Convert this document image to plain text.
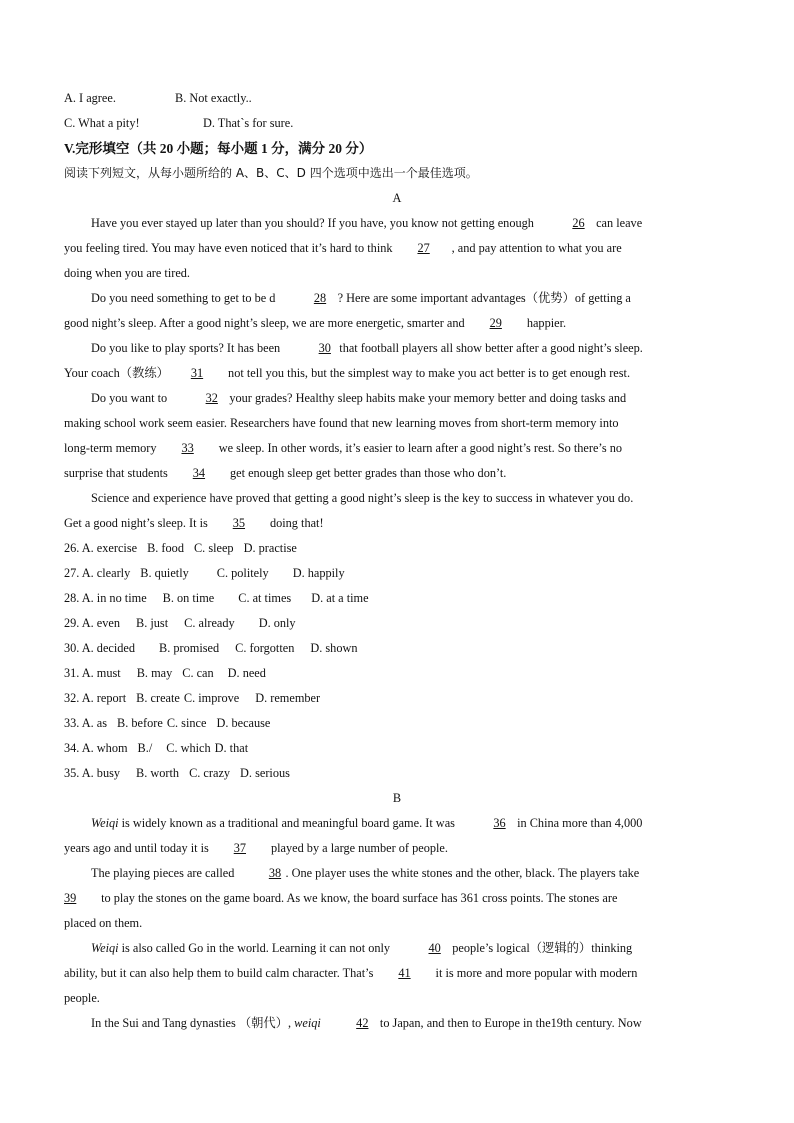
A. I agree.	B. Not exactly..
C. What a pity!	D. That`s for sure.
V.完形填空（共 20 小题；每小题 1 分，满分 20 分）
阅读下列短文，从每小题所给的 A、B、C、D 四个选项中选出一个最佳选项。
A
Have you ever stayed up later than you should? If you have, you know not getting enough	26 can leave
you feeling tired. You may have even noticed that it’s hard to think 27 , and pay attention to what you are
doing when you are tired.
Do you need something to get to be d	28 ? Here are some important advantages（优势）of getting a
good night’s sleep. After a good night’s sleep, we are more energetic, smarter and 29 happier.
Do you like to play sports? It has been	30 that football players all show better after a good night’s sleep.
Your coach（教练） 31 not tell you this, but the simplest way to make you act better is to get enough rest.
Do you want to	32 your grades? Healthy sleep habits make your memory better and doing tasks and
making school work seem easier. Researchers have found that new learning moves from short-term memory into
long-term memory 33 we sleep. In other words, it’s easier to learn after a good night’s rest. So there’s no
surprise that students 34 get enough sleep get better grades than those who don’t.
Science and experience have proved that getting a good night’s sleep is the key to success in whatever you do.
Get a good night’s sleep. It is 35 doing that!
26. A. exercise B. food C. sleep D. practise
27. A. clearly B. quietly C. politely D. happily
28. A. in no time B. on time C. at times D. at a time
29. A. even B. just C. already D. only
30. A. decided B. promised C. forgotten D. shown
31. A. must B. may C. can D. need
32. A. report B. create C. improve D. remember
33. A. as B. before C. since D. because
34. A. whom B./ C. which D. that
35. A. busy B. worth C. crazy D. serious
B
Weiqi is widely known as a traditional and meaningful board game. It was	36 in China more than 4,000
years ago and until today it is 37 played by a large number of people.
The playing pieces are called	38 . One player uses the white stones and the other, black. The players take
39 to play the stones on the game board. As we know, the board surface has 361 cross points. The stones are
placed on them.
Weiqi is also called Go in the world. Learning it can not only	40 people’s logical（逻辑的）thinking
ability, but it can also help them to build calm character. That’s 41 it is more and more popular with modern
people.
In the Sui and Tang dynasties （朝代）, weiqi	42 to Japan, and then to Europe in the19th century. Now
